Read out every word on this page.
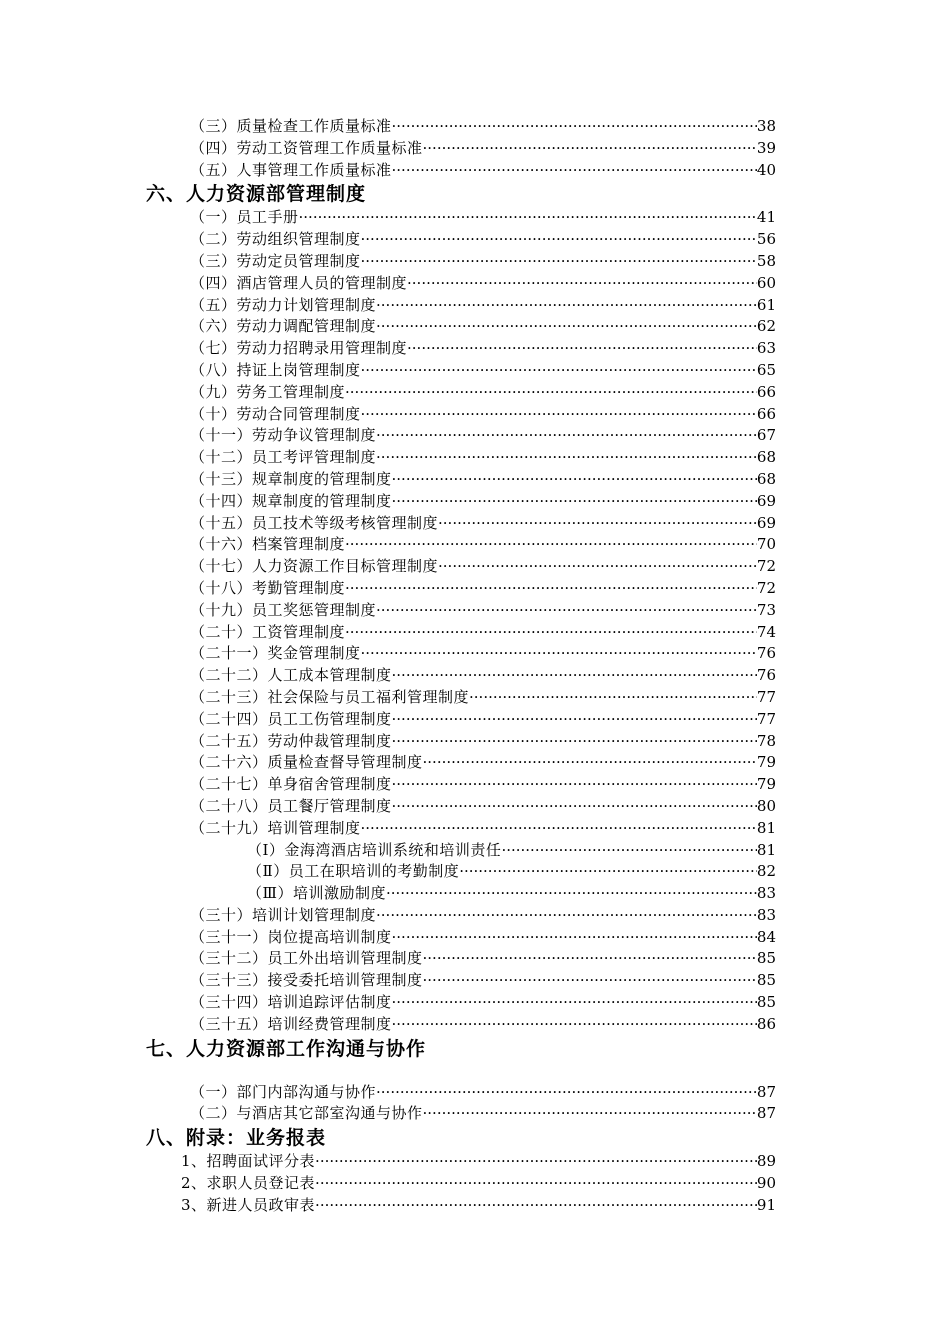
（三）质量检查工作质量标准 ·····	38
（四）劳动工资管理工作质量标准 ·····	39
（五）人事管理工作质量标准 ·····	40
六、人力资源部管理制度
（一）员工手册 ·····	41
（二）劳动组织管理制度 ·····	56
（三）劳动定员管理制度 ·····	58
（四）酒店管理人员的管理制度 ·····	60
（五）劳动力计划管理制度 ·····	61
（六）劳动力调配管理制度 ·····	62
（七）劳动力招聘录用管理制度 ·····	63
（八）持证上岗管理制度 ·····	65
（九）劳务工管理制度 ·····	66
（十）劳动合同管理制度 ·····	66
（十一）劳动争议管理制度 ·····	67
（十二）员工考评管理制度 ·····	68
（十三）规章制度的管理制度 ·····	68
（十四）规章制度的管理制度 ·····	69
（十五）员工技术等级考核管理制度 ·····	69
（十六）档案管理制度 ·····	70
（十七）人力资源工作目标管理制度 ·····	72
（十八）考勤管理制度 ·····	72
（十九）员工奖惩管理制度 ·····	73
（二十）工资管理制度 ·····	74
（二十一）奖金管理制度 ·····	76
（二十二）人工成本管理制度 ·····	76
（二十三）社会保险与员工福利管理制度 ·····	77
（二十四）员工工伤管理制度 ·····	77
（二十五）劳动仲裁管理制度 ·····	78
（二十六）质量检查督导管理制度 ·····	79
（二十七）单身宿舍管理制度 ·····	79
（二十八）员工餐厅管理制度 ·····	80
（二十九）培训管理制度 ·····	81
（Ⅰ）金海湾酒店培训系统和培训责任 ·····	81
（Ⅱ）员工在职培训的考勤制度 ·····	82
（Ⅲ）培训激励制度 ·····	83
（三十）培训计划管理制度 ·····	83
（三十一）岗位提高培训制度 ·····	84
（三十二）员工外出培训管理制度 ·····	85
（三十三）接受委托培训管理制度 ·····	85
（三十四）培训追踪评估制度 ·····	85
（三十五）培训经费管理制度 ·····	86
七、人力资源部工作沟通与协作
（一）部门内部沟通与协作 ·····	87
（二）与酒店其它部室沟通与协作 ·····	87
八、附录：业务报表
1、招聘面试评分表 ·····	89
2、求职人员登记表 ·····	90
3、新进人员政审表 ·····	91
